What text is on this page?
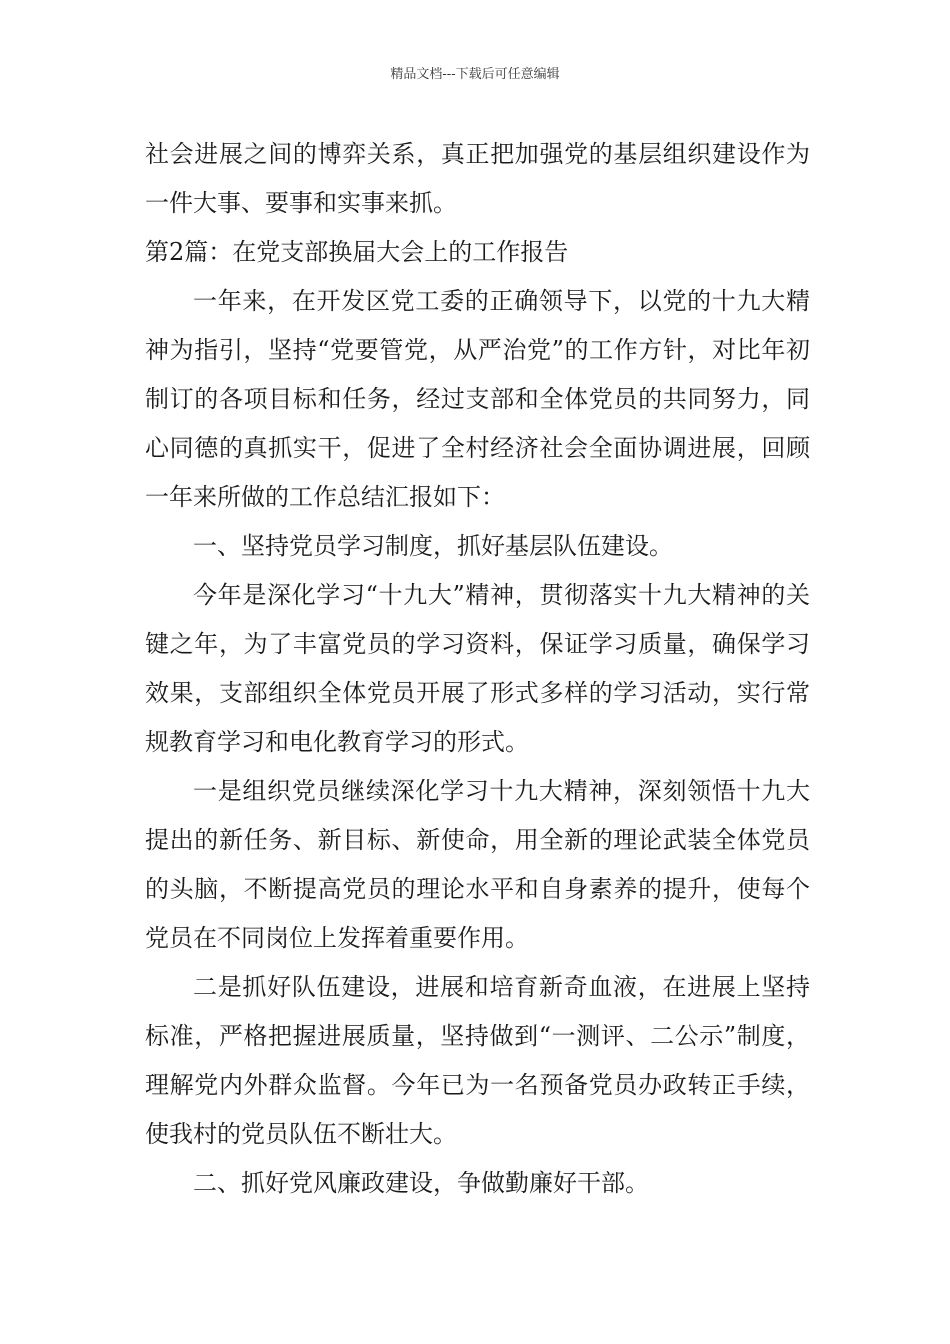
精品文档---下载后可任意编辑

社会进展之间的博弈关系，真正把加强党的基层组织建设作为一件大事、要事和实事来抓。

第2篇：在党支部换届大会上的工作报告

一年来，在开发区党工委的正确领导下，以党的十九大精神为指引，坚持“党要管党，从严治党”的工作方针，对比年初制订的各项目标和任务，经过支部和全体党员的共同努力，同心同德的真抓实干，促进了全村经济社会全面协调进展，回顾一年来所做的工作总结汇报如下：

一、坚持党员学习制度，抓好基层队伍建设。

今年是深化学习“十九大”精神，贯彻落实十九大精神的关键之年，为了丰富党员的学习资料，保证学习质量，确保学习效果，支部组织全体党员开展了形式多样的学习活动，实行常规教育学习和电化教育学习的形式。

一是组织党员继续深化学习十九大精神，深刻领悟十九大提出的新任务、新目标、新使命，用全新的理论武装全体党员的头脑，不断提高党员的理论水平和自身素养的提升，使每个党员在不同岗位上发挥着重要作用。

二是抓好队伍建设，进展和培育新奇血液，在进展上坚持标准，严格把握进展质量，坚持做到“一测评、二公示”制度，理解党内外群众监督。今年已为一名预备党员办政转正手续，使我村的党员队伍不断壮大。

二、抓好党风廉政建设，争做勤廉好干部。
